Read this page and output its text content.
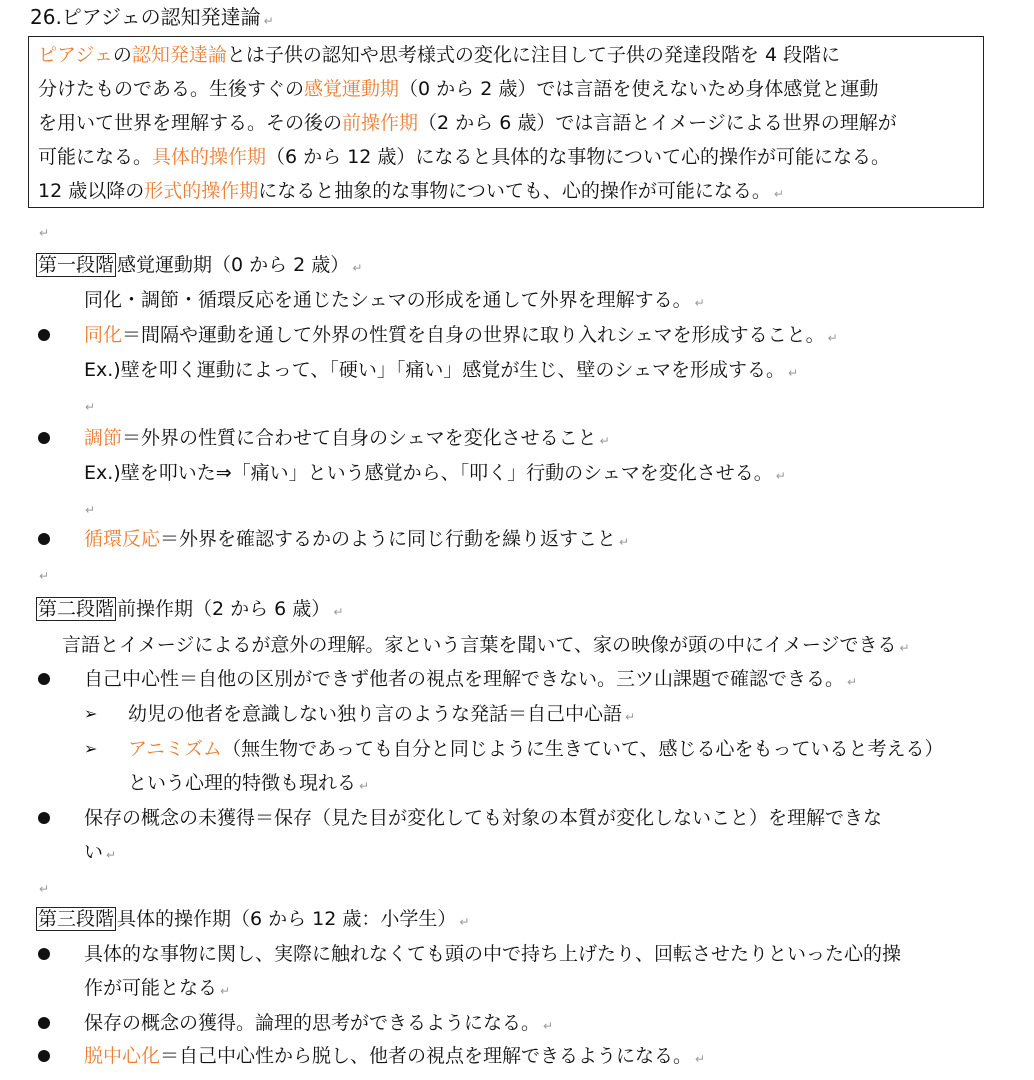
26.ピアジェの認知発達論 ↵
ピアジェの認知発達論とは子供の認知や思考様式の変化に注目して子供の発達段階を 4 段階に
分けたものである。生後すぐの感覚運動期（0 から 2 歳）では言語を使えないため身体感覚と運動
を用いて世界を理解する。その後の前操作期（2 から 6 歳）では言語とイメージによる世界の理解が
可能になる。具体的操作期（6 から 12 歳）になると具体的な事物について心的操作が可能になる。
12 歳以降の形式的操作期になると抽象的な事物についても、心的操作が可能になる。 ↵
↵
第一段階 感覚運動期（0 から 2 歳） ↵
同化・調節・循環反応を通じたシェマの形成を通して外界を理解する。 ↵
同化＝間隔や運動を通して外界の性質を自身の世界に取り入れシェマを形成すること。 ↵
Ex.)壁を叩く運動によって、「硬い」「痛い」感覚が生じ、壁のシェマを形成する。 ↵
↵
調節＝外界の性質に合わせて自身のシェマを変化させること ↵
Ex.)壁を叩いた⇒「痛い」という感覚から、「叩く」行動のシェマを変化させる。 ↵
↵
循環反応＝外界を確認するかのように同じ行動を繰り返すこと ↵
↵
第二段階 前操作期（2 から 6 歳） ↵
言語とイメージによるが意外の理解。家という言葉を聞いて、家の映像が頭の中にイメージできる ↵
自己中心性＝自他の区別ができず他者の視点を理解できない。三ツ山課題で確認できる。 ↵
➢ 幼児の他者を意識しない独り言のような発話＝自己中心語 ↵
➢ アニミズム（無生物であっても自分と同じように生きていて、感じる心をもっていると考える）
という心理的特徴も現れる ↵
保存の概念の未獲得＝保存（見た目が変化しても対象の本質が変化しないこと）を理解できな
い ↵
↵
第三段階 具体的操作期（6 から 12 歳：小学生） ↵
具体的な事物に関し、実際に触れなくても頭の中で持ち上げたり、回転させたりといった心的操
作が可能となる ↵
保存の概念の獲得。論理的思考ができるようになる。 ↵
脱中心化＝自己中心性から脱し、他者の視点を理解できるようになる。 ↵
